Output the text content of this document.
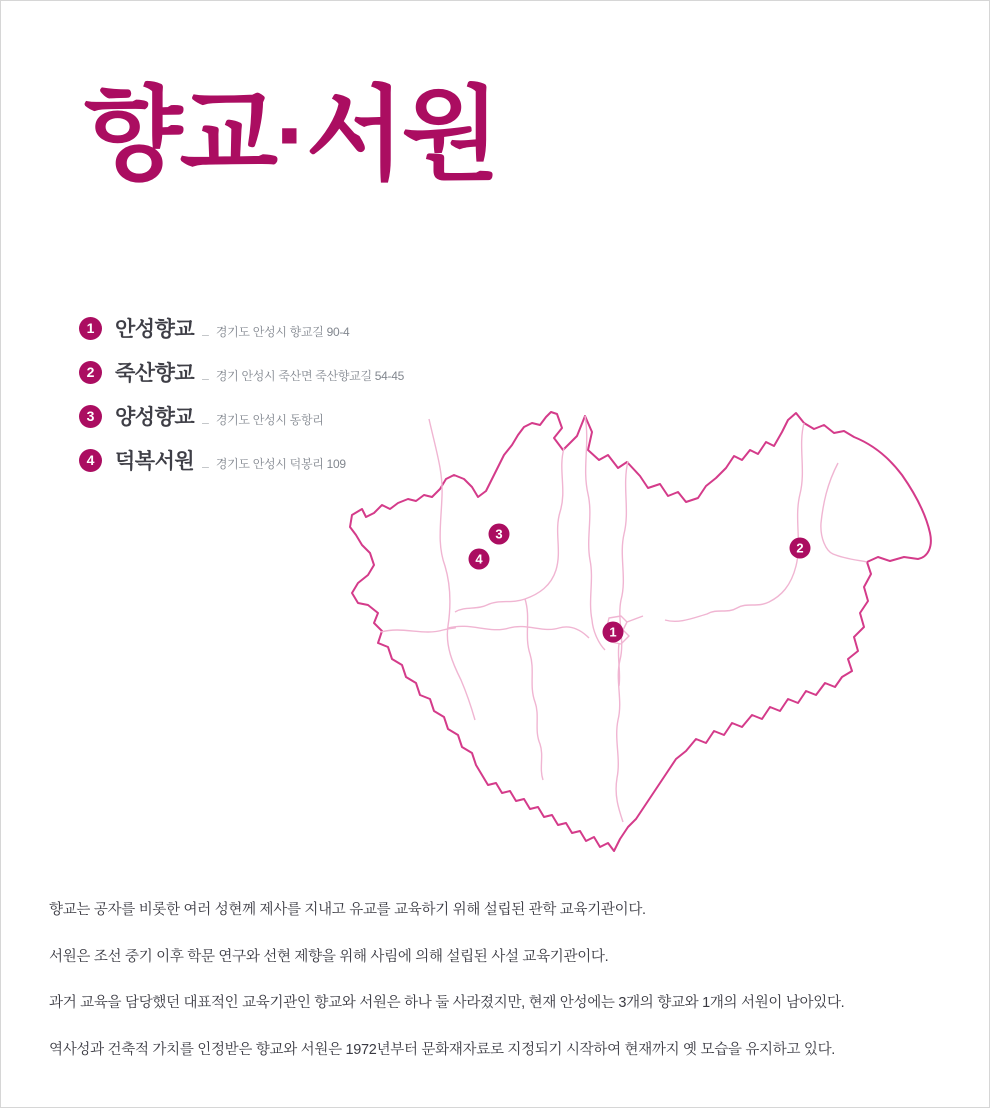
향교·서원
1 안성향교 _ 경기도 안성시 향교길 90-4
2 죽산향교 _ 경기 안성시 죽산면 죽산향교길 54-45
3 양성향교 _ 경기도 안성시 동항리
4 덕복서원 _ 경기도 안성시 덕봉리 109
1
2
3
4

향교는 공자를 비롯한 여러 성현께 제사를 지내고 유교를 교육하기 위해 설립된 관학 교육기관이다.

서원은 조선 중기 이후 학문 연구와 선현 제향을 위해 사림에 의해 설립된 사설 교육기관이다.

과거 교육을 담당했던 대표적인 교육기관인 향교와 서원은 하나 둘 사라졌지만, 현재 안성에는 3개의 향교와 1개의 서원이 남아있다.

역사성과 건축적 가치를 인정받은 향교와 서원은 1972년부터 문화재자료로 지정되기 시작하여 현재까지 옛 모습을 유지하고 있다.
